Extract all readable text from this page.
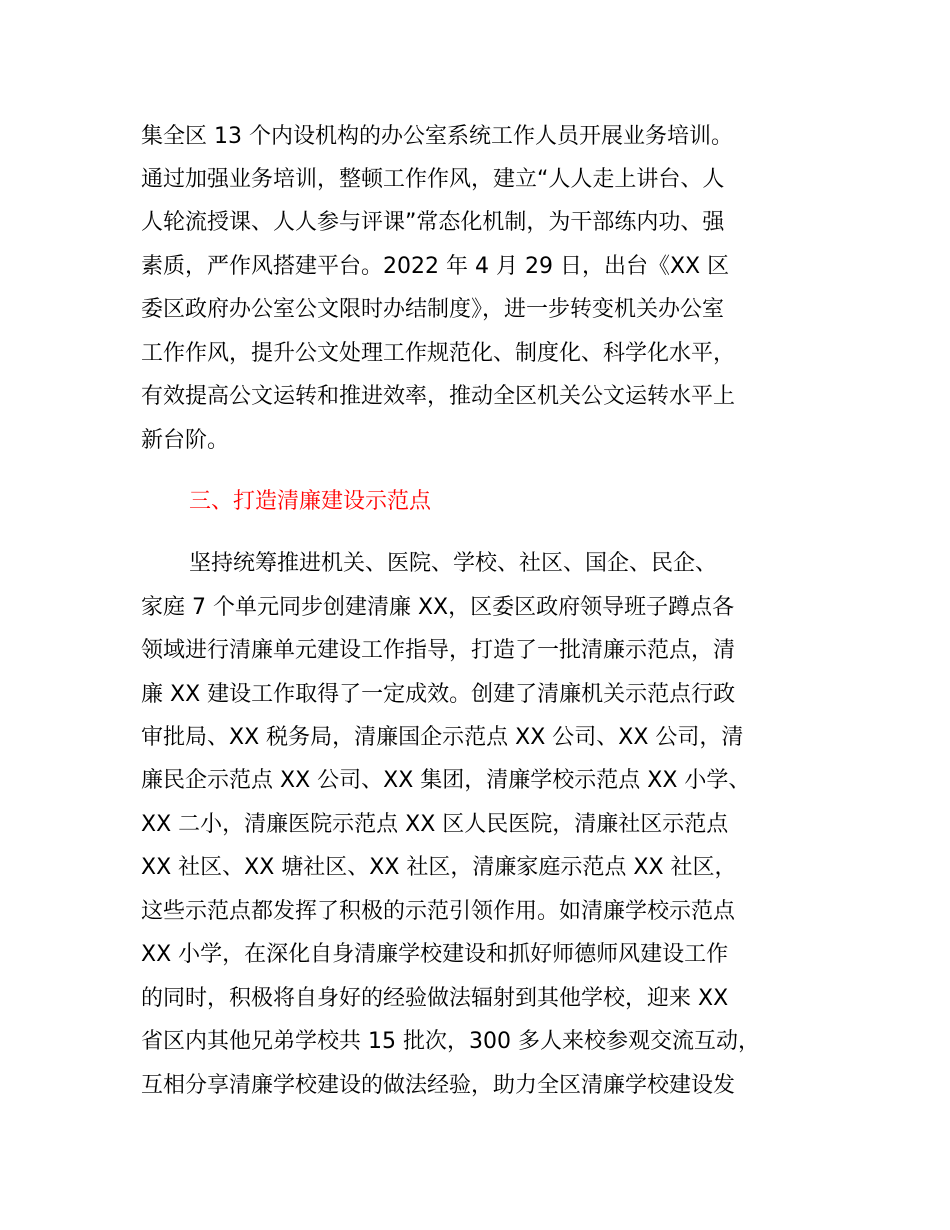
集全区 13 个内设机构的办公室系统工作人员开展业务培训。
通过加强业务培训，整顿工作作风，建立“人人走上讲台、人
人轮流授课、人人参与评课”常态化机制，为干部练内功、强
素质，严作风搭建平台。2022 年 4 月 29 日，出台《XX 区
委区政府办公室公文限时办结制度》，进一步转变机关办公室
工作作风，提升公文处理工作规范化、制度化、科学化水平，
有效提高公文运转和推进效率，推动全区机关公文运转水平上
新台阶。
三、打造清廉建设示范点
坚持统筹推进机关、医院、学校、社区、国企、民企、
家庭 7 个单元同步创建清廉 XX，区委区政府领导班子蹲点各
领域进行清廉单元建设工作指导，打造了一批清廉示范点，清
廉 XX 建设工作取得了一定成效。创建了清廉机关示范点行政
审批局、XX 税务局，清廉国企示范点 XX 公司、XX 公司，清
廉民企示范点 XX 公司、XX 集团，清廉学校示范点 XX 小学、
XX 二小，清廉医院示范点 XX 区人民医院，清廉社区示范点
XX 社区、XX 塘社区、XX 社区，清廉家庭示范点 XX 社区，
这些示范点都发挥了积极的示范引领作用。如清廉学校示范点
XX 小学，在深化自身清廉学校建设和抓好师德师风建设工作
的同时，积极将自身好的经验做法辐射到其他学校，迎来 XX
省区内其他兄弟学校共 15 批次，300 多人来校参观交流互动，
互相分享清廉学校建设的做法经验，助力全区清廉学校建设发
